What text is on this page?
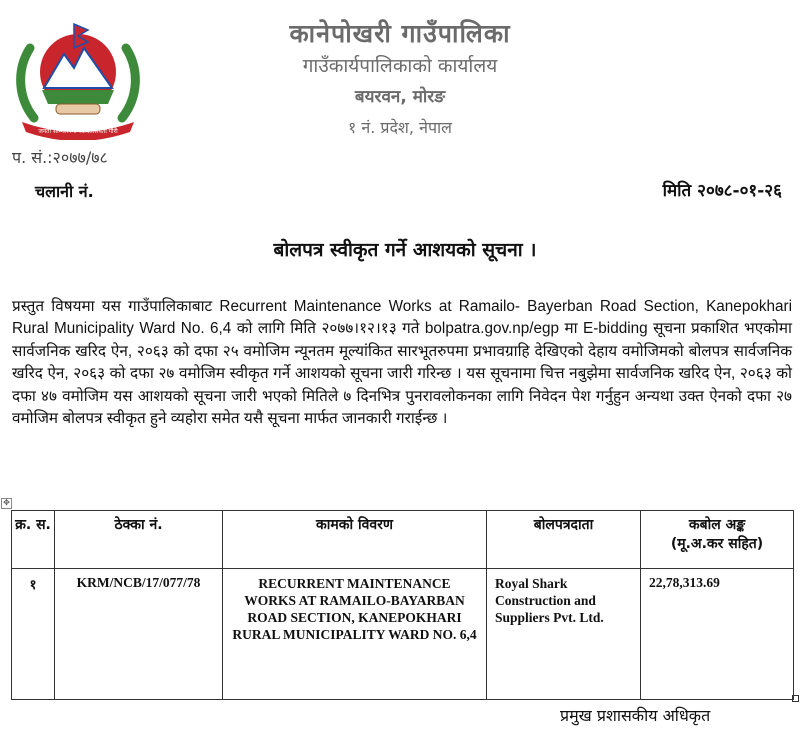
जनता सम्मिलनमा रवायतसियता गौरी
कानेपोखरी गाउँपालिका
गाउँकार्यपालिकाको कार्यालय
बयरवन, मोरङ
१ नं. प्रदेश, नेपाल
प. सं.:२०७७/७८
चलानी नं.	मिति २०७८-०१-२६
बोलपत्र स्वीकृत गर्ने आशयको सूचना ।

प्रस्तुत विषयमा यस गाउँपालिकाबाट Recurrent Maintenance Works at Ramailo- Bayerban Road Section, Kanepokhari Rural Municipality Ward No. 6,4 को लागि मिति २०७७।१२।१३ गते bolpatra.gov.np/egp मा E-bidding सूचना प्रकाशित भएकोमा सार्वजनिक खरिद ऐन, २०६३ को दफा २५ वमोजिम न्यूनतम मूल्यांकित सारभूतरुपमा प्रभावग्राहि देखिएको देहाय वमोजिमको बोलपत्र सार्वजनिक खरिद ऐन, २०६३ को दफा २७ वमोजिम स्वीकृत गर्ने आशयको सूचना जारी गरिन्छ । यस सूचनामा चित्त नबुझेमा सार्वजनिक खरिद ऐन, २०६३ को दफा ४७ वमोजिम यस आशयको सूचना जारी भएको मितिले ७ दिनभित्र पुनरावलोकनका लागि निवेदन पेश गर्नुहुन अन्यथा उक्त ऐनको दफा २७ वमोजिम बोलपत्र स्वीकृत हुने व्यहोरा समेत यसै सूचना मार्फत जानकारी गराईन्छ ।

✥
क्र. स.	ठेक्का नं.	कामको विवरण	बोलपत्रदाता	कबोल अङ्क
(मू.अ.कर सहित)

१	KRM/NCB/17/077/78	RECURRENT MAINTENANCE WORKS AT RAMAILO-BAYARBAN ROAD SECTION, KANEPOKHARI RURAL MUNICIPALITY WARD NO. 6,4	Royal Shark Construction and Suppliers Pvt. Ltd.	22,78,313.69
प्रमुख प्रशासकीय अधिकृत
